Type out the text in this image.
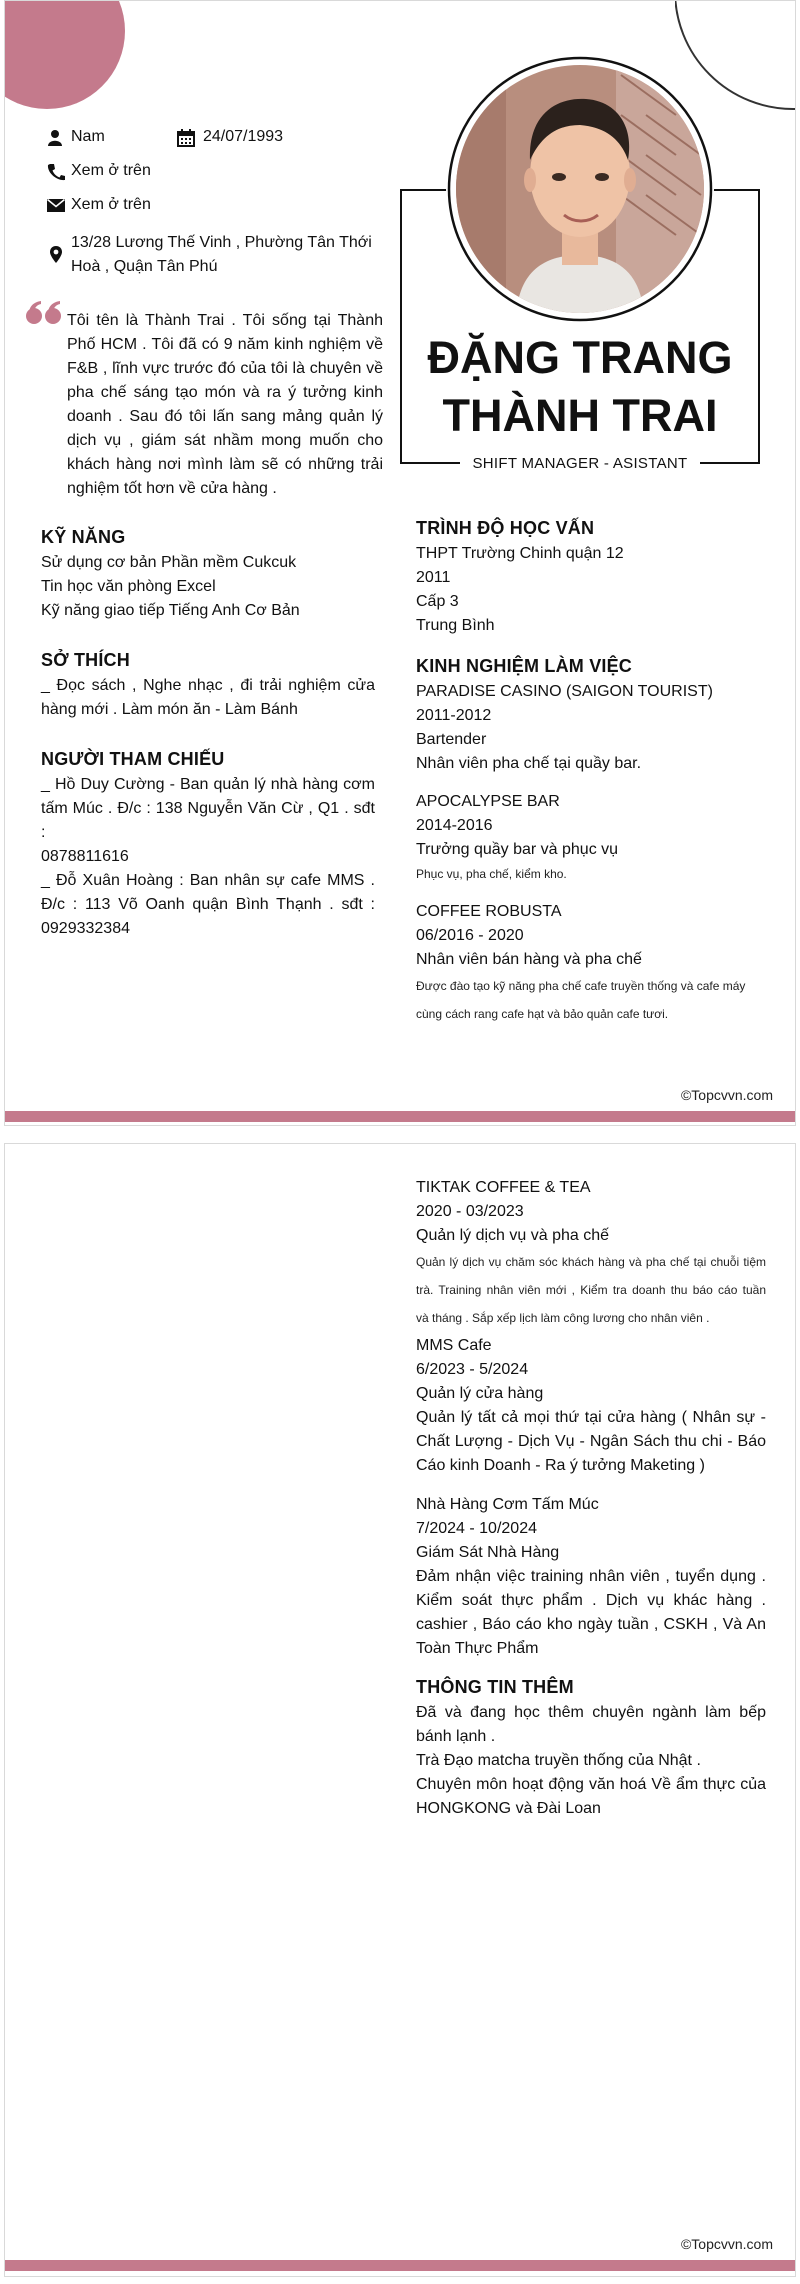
Nam	24/07/1993
Xem ở trên
Xem ở trên
13/28 Lương Thế Vinh , Phường Tân Thới
Hoà , Quận Tân Phú
Tôi tên là Thành Trai . Tôi sống tại Thành
Phố HCM . Tôi đã có 9 năm kinh nghiệm về
F&B , lĩnh vực trước đó của tôi là chuyên về
pha chế sáng tạo món và ra ý tưởng kinh
doanh . Sau đó tôi lấn sang mảng quản lý
dịch vụ , giám sát nhầm mong muốn cho
khách hàng nơi mình làm sẽ có những trải
nghiệm tốt hơn về cửa hàng .
KỸ NĂNG
Sử dụng cơ bản Phần mềm Cukcuk
Tin học văn phòng Excel
Kỹ năng giao tiếp Tiếng Anh Cơ Bản
SỞ THÍCH
_ Đọc sách , Nghe nhạc , đi trải nghiệm cửa
hàng mới . Làm món ăn - Làm Bánh
NGƯỜI THAM CHIẾU
_ Hồ Duy Cường - Ban quản lý nhà hàng cơm
tấm Múc . Đ/c : 138 Nguyễn Văn Cừ , Q1 . sđt :
0878811616
_ Đỗ Xuân Hoàng : Ban nhân sự cafe MMS .
Đ/c : 113 Võ Oanh quận Bình Thạnh . sđt :
0929332384
ĐẶNG TRANG
THÀNH TRAI
SHIFT MANAGER - ASISTANT
TRÌNH ĐỘ HỌC VẤN
THPT Trường Chinh quận 12
2011
Cấp 3
Trung Bình
KINH NGHIỆM LÀM VIỆC
PARADISE CASINO (SAIGON TOURIST)
2011-2012
Bartender
Nhân viên pha chế tại quầy bar.
APOCALYPSE BAR
2014-2016
Trưởng quầy bar và phục vụ
Phục vụ, pha chế, kiểm kho.
COFFEE ROBUSTA
06/2016 - 2020
Nhân viên bán hàng và pha chế
Được đào tạo kỹ năng pha chế cafe truyền thống và cafe máy
cùng cách rang cafe hạt và bảo quản cafe tươi.
©Topcvvn.com
TIKTAK COFFEE & TEA
2020 - 03/2023
Quản lý dịch vụ và pha chế
Quản lý dịch vụ chăm sóc khách hàng và pha chế tại chuỗi tiệm
trà. Training nhân viên mới , Kiểm tra doanh thu báo cáo tuần
và tháng . Sắp xếp lịch làm công lương cho nhân viên .
MMS Cafe
6/2023 - 5/2024
Quản lý cửa hàng
Quản lý tất cả mọi thứ tại cửa hàng ( Nhân sự -
Chất Lượng - Dịch Vụ - Ngân Sách thu chi - Báo
Cáo kinh Doanh - Ra ý tưởng Maketing )
Nhà Hàng Cơm Tấm Múc
7/2024 - 10/2024
Giám Sát Nhà Hàng
Đảm nhận việc training nhân viên , tuyển dụng .
Kiểm soát thực phẩm . Dịch vụ khác hàng .
cashier , Báo cáo kho ngày tuần , CSKH , Và An
Toàn Thực Phẩm
THÔNG TIN THÊM
Đã và đang học thêm chuyên ngành làm bếp
bánh lạnh .
Trà Đạo matcha truyền thống của Nhật .
Chuyên môn hoạt động văn hoá Về ẩm thực của
HONGKONG và Đài Loan
©Topcvvn.com
